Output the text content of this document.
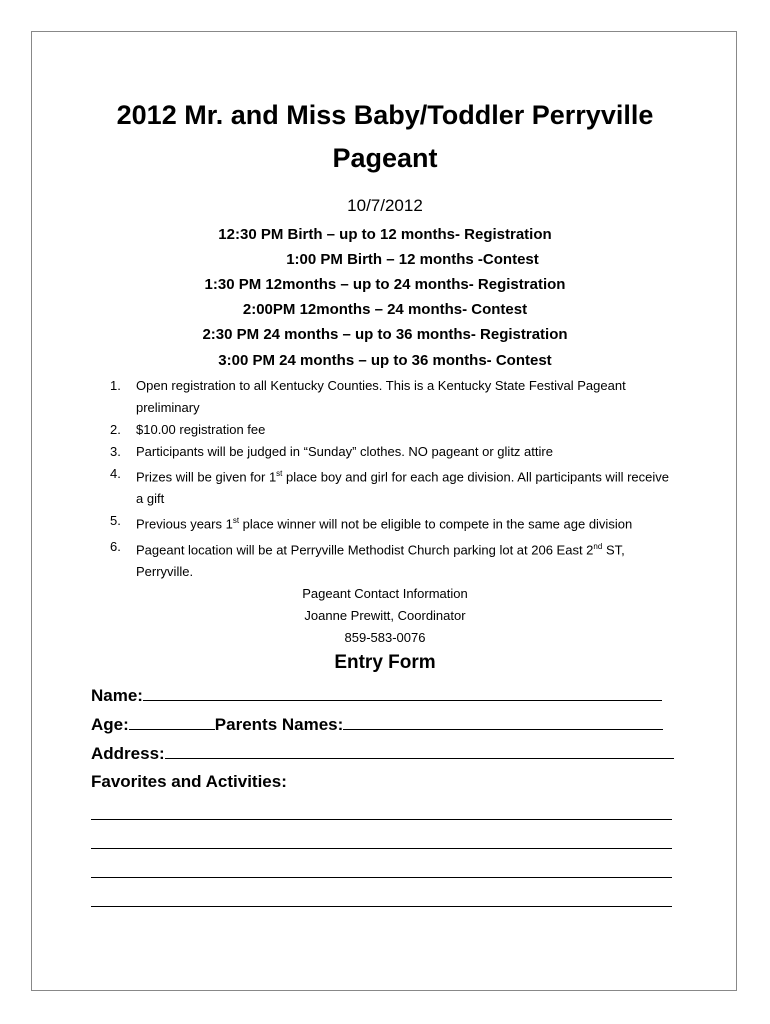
2012 Mr. and Miss Baby/Toddler Perryville
Pageant
10/7/2012
12:30 PM Birth – up to 12 months- Registration
1:00 PM Birth – 12 months -Contest
1:30 PM 12months – up to 24 months- Registration
2:00PM 12months – 24 months- Contest
2:30 PM 24 months – up to 36 months- Registration
3:00 PM 24 months – up to 36 months- Contest
1. Open registration to all Kentucky Counties. This is a Kentucky State Festival Pageant preliminary
2. $10.00 registration fee
3. Participants will be judged in “Sunday” clothes. NO pageant or glitz attire
4. Prizes will be given for 1st place boy and girl for each age division. All participants will receive a gift
5. Previous years 1st place winner will not be eligible to compete in the same age division
6. Pageant location will be at Perryville Methodist Church parking lot at 206 East 2nd ST, Perryville.
Pageant Contact Information
Joanne Prewitt, Coordinator
859-583-0076
Entry Form
Name:
Age:	Parents Names:
Address:
Favorites and Activities:
